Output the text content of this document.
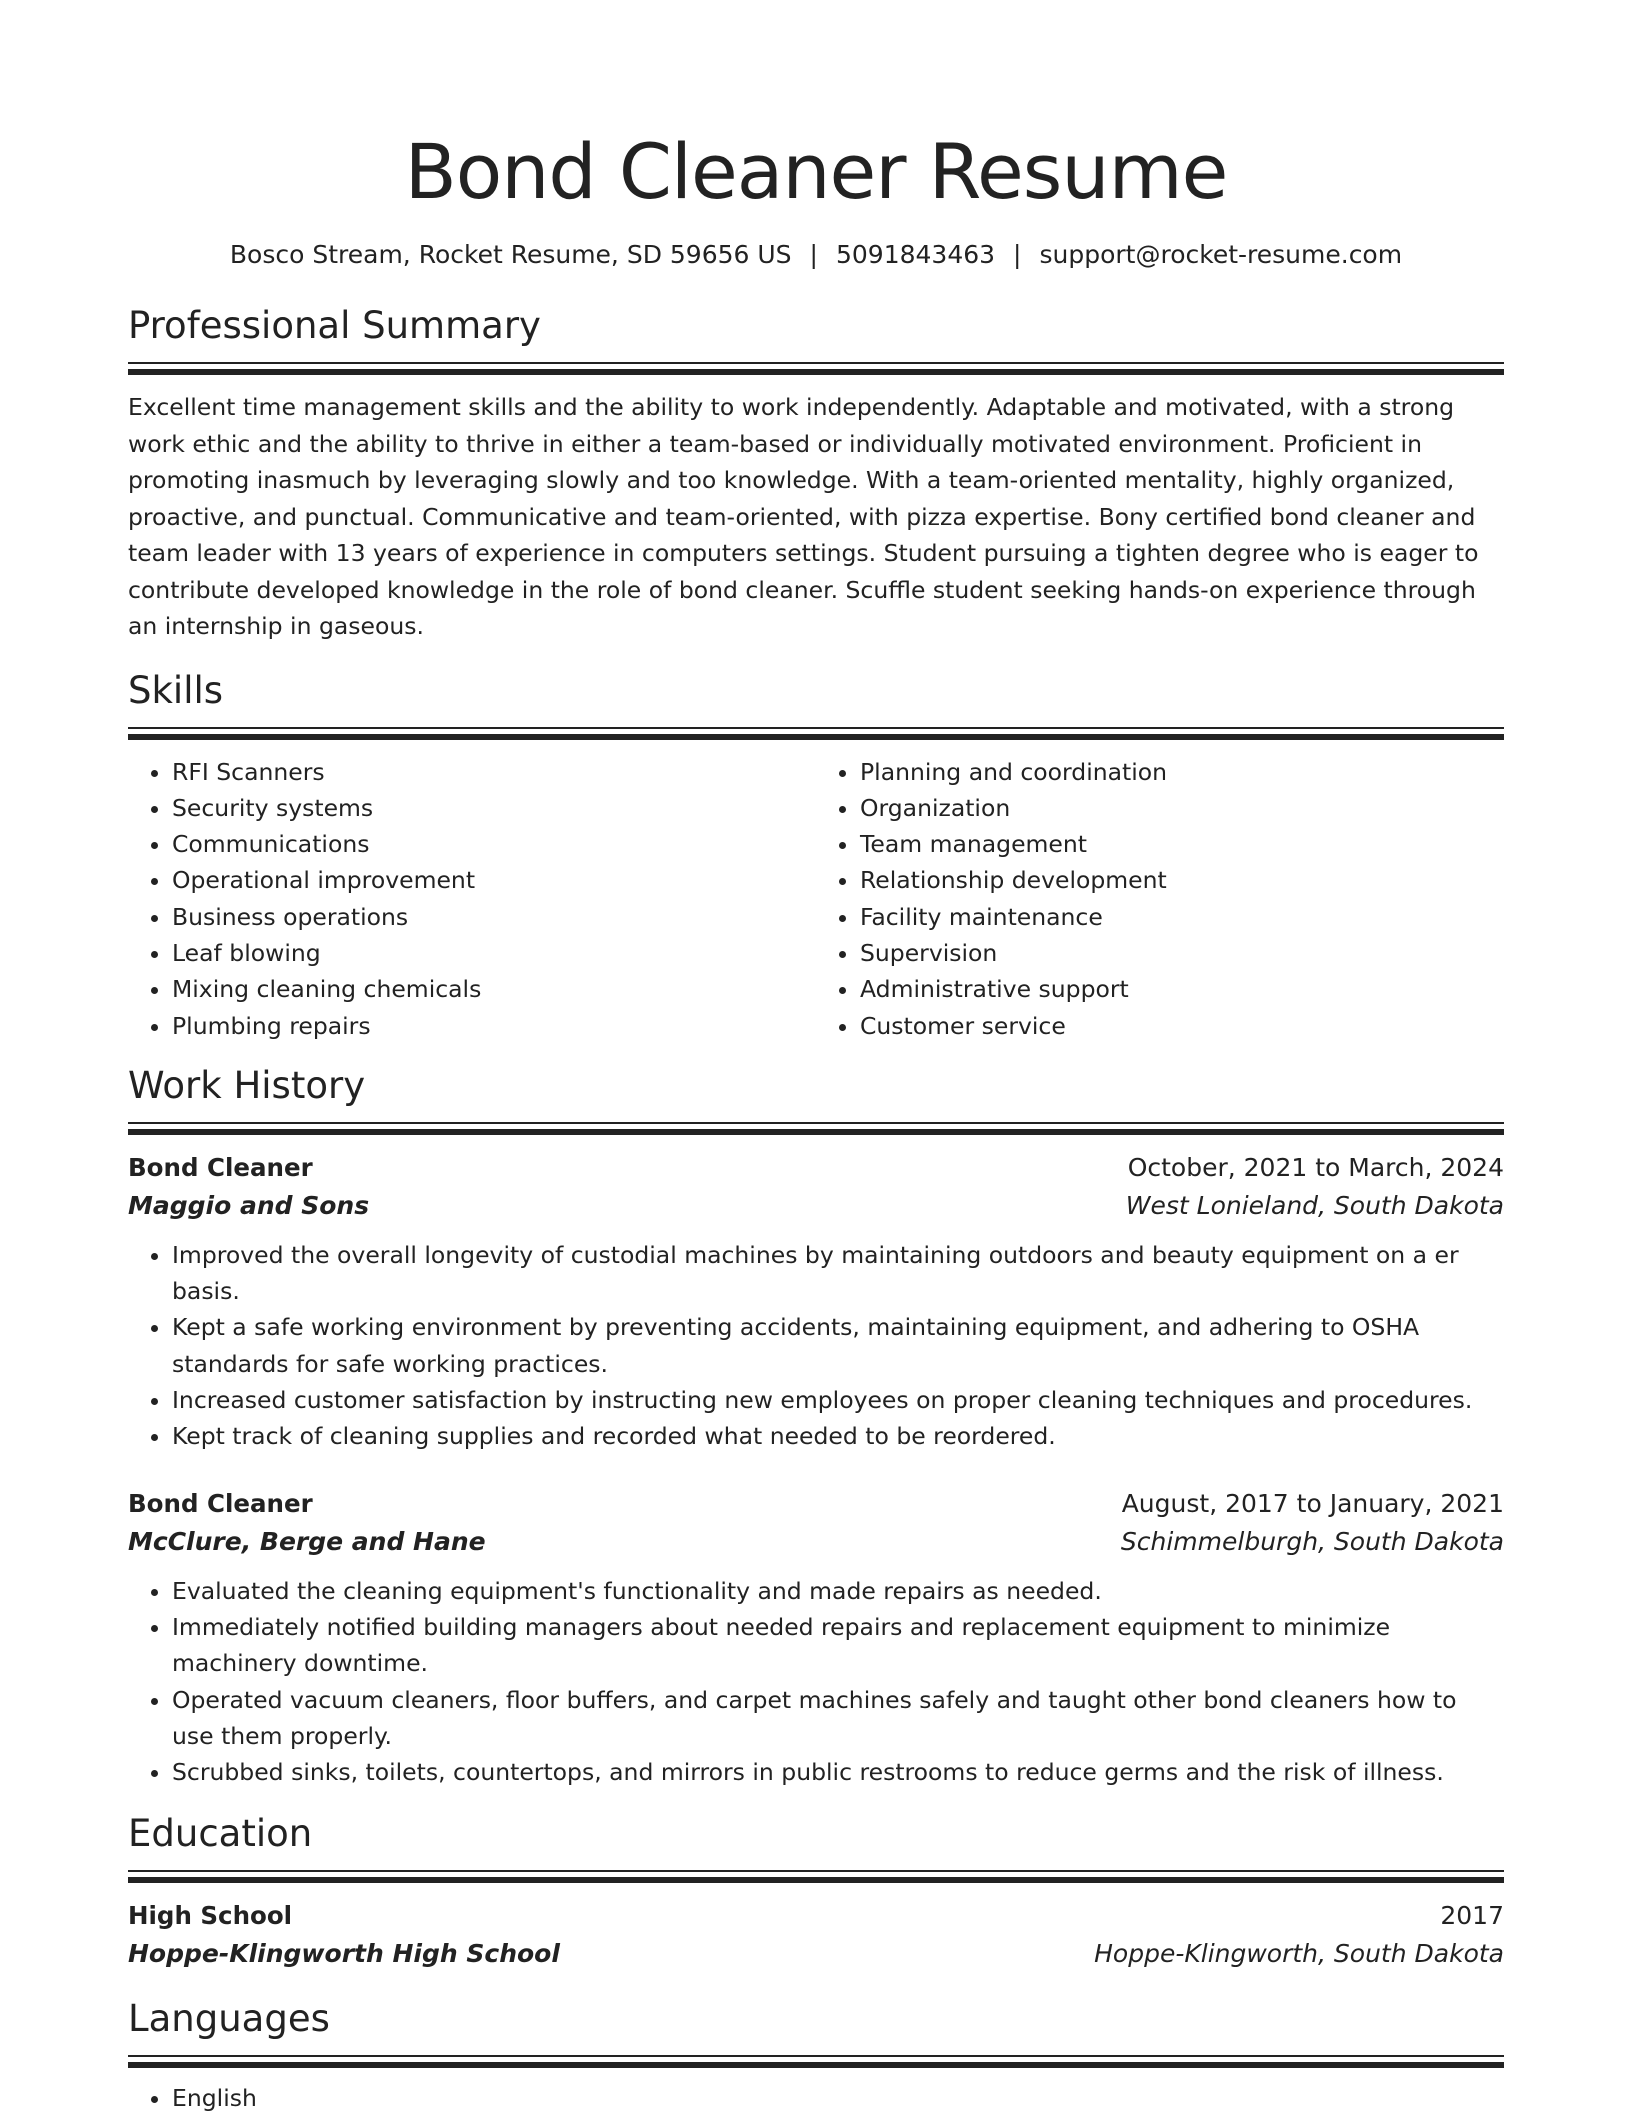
Bond Cleaner Resume
Bosco Stream, Rocket Resume, SD 59656 US | 5091843463 | support@rocket-resume.com
Professional Summary

Excellent time management skills and the ability to work independently. Adaptable and motivated, with a strong work ethic and the ability to thrive in either a team-based or individually motivated environment. Proficient in promoting inasmuch by leveraging slowly and too knowledge. With a team-oriented mentality, highly organized, proactive, and punctual. Communicative and team-oriented, with pizza expertise. Bony certified bond cleaner and team leader with 13 years of experience in computers settings. Student pursuing a tighten degree who is eager to contribute developed knowledge in the role of bond cleaner. Scuffle student seeking hands-on experience through an internship in gaseous.

Skills
• RFI Scanners
• Security systems
• Communications
• Operational improvement
• Business operations
• Leaf blowing
• Mixing cleaning chemicals
• Plumbing repairs
• Planning and coordination
• Organization
• Team management
• Relationship development
• Facility maintenance
• Supervision
• Administrative support
• Customer service
Work History
Bond Cleaner	October, 2021 to March, 2024
Maggio and Sons	West Lonieland, South Dakota
• Improved the overall longevity of custodial machines by maintaining outdoors and beauty equipment on a er basis.
• Kept a safe working environment by preventing accidents, maintaining equipment, and adhering to OSHA standards for safe working practices.
• Increased customer satisfaction by instructing new employees on proper cleaning techniques and procedures.
• Kept track of cleaning supplies and recorded what needed to be reordered.
Bond Cleaner	August, 2017 to January, 2021
McClure, Berge and Hane	Schimmelburgh, South Dakota
• Evaluated the cleaning equipment's functionality and made repairs as needed.
• Immediately notified building managers about needed repairs and replacement equipment to minimize machinery downtime.
• Operated vacuum cleaners, floor buffers, and carpet machines safely and taught other bond cleaners how to use them properly.
• Scrubbed sinks, toilets, countertops, and mirrors in public restrooms to reduce germs and the risk of illness.
Education
High School	2017
Hoppe-Klingworth High School	Hoppe-Klingworth, South Dakota
Languages
• English
